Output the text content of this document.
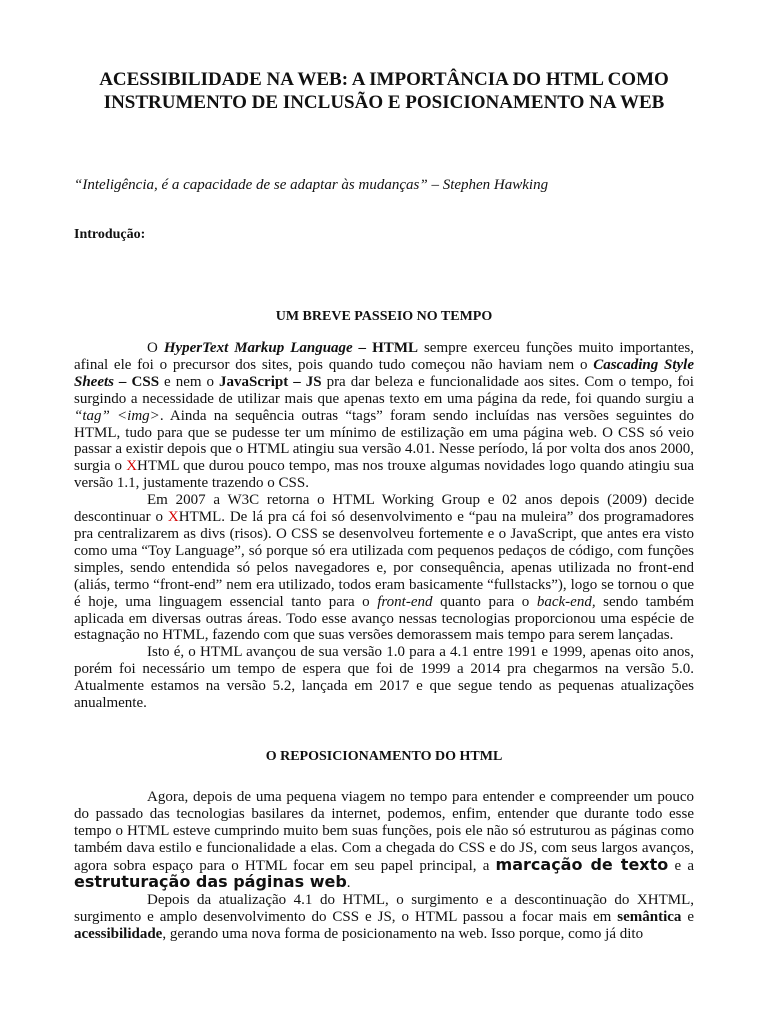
ACESSIBILIDADE NA WEB: A IMPORTÂNCIA DO HTML COMO INSTRUMENTO DE INCLUSÃO E POSICIONAMENTO NA WEB

“Inteligência, é a capacidade de se adaptar às mudanças” – Stephen Hawking

Introdução:

UM BREVE PASSEIO NO TEMPO

O HyperText Markup Language – HTML sempre exerceu funções muito importantes, afinal ele foi o precursor dos sites, pois quando tudo começou não haviam nem o Cascading Style Sheets – CSS e nem o JavaScript – JS pra dar beleza e funcionalidade aos sites. Com o tempo, foi surgindo a necessidade de utilizar mais que apenas texto em uma página da rede, foi quando surgiu a “tag” <img>. Ainda na sequência outras “tags” foram sendo incluídas nas versões seguintes do HTML, tudo para que se pudesse ter um mínimo de estilização em uma página web. O CSS só veio passar a existir depois que o HTML atingiu sua versão 4.01. Nesse período, lá por volta dos anos 2000, surgia o XHTML que durou pouco tempo, mas nos trouxe algumas novidades logo quando atingiu sua versão 1.1, justamente trazendo o CSS.

Em 2007 a W3C retorna o HTML Working Group e 02 anos depois (2009) decide descontinuar o XHTML. De lá pra cá foi só desenvolvimento e “pau na muleira” dos programadores pra centralizarem as divs (risos). O CSS se desenvolveu fortemente e o JavaScript, que antes era visto como uma “Toy Language”, só porque só era utilizada com pequenos pedaços de código, com funções simples, sendo entendida só pelos navegadores e, por consequência, apenas utilizada no front-end (aliás, termo “front-end” nem era utilizado, todos eram basicamente “fullstacks”), logo se tornou o que é hoje, uma linguagem essencial tanto para o front-end quanto para o back-end, sendo também aplicada em diversas outras áreas. Todo esse avanço nessas tecnologias proporcionou uma espécie de estagnação no HTML, fazendo com que suas versões demorassem mais tempo para serem lançadas.

Isto é, o HTML avançou de sua versão 1.0 para a 4.1 entre 1991 e 1999, apenas oito anos, porém foi necessário um tempo de espera que foi de 1999 a 2014 pra chegarmos na versão 5.0. Atualmente estamos na versão 5.2, lançada em 2017 e que segue tendo as pequenas atualizações anualmente.

O REPOSICIONAMENTO DO HTML

Agora, depois de uma pequena viagem no tempo para entender e compreender um pouco do passado das tecnologias basilares da internet, podemos, enfim, entender que durante todo esse tempo o HTML esteve cumprindo muito bem suas funções, pois ele não só estruturou as páginas como também dava estilo e funcionalidade a elas. Com a chegada do CSS e do JS, com seus largos avanços, agora sobra espaço para o HTML focar em seu papel principal, a marcação de texto e a estruturação das páginas web.

Depois da atualização 4.1 do HTML, o surgimento e a descontinuação do XHTML, surgimento e amplo desenvolvimento do CSS e JS, o HTML passou a focar mais em semântica e acessibilidade, gerando uma nova forma de posicionamento na web. Isso porque, como já dito
